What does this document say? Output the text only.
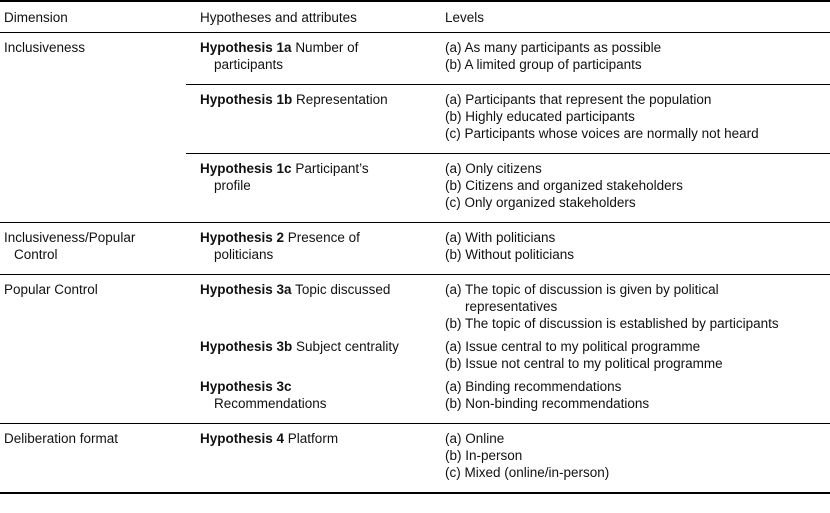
Dimension	Hypotheses and attributes	Levels

Inclusiveness	Hypothesis 1a Number of participants	(a) As many participants as possible
(b) A limited group of participants

	Hypothesis 1b Representation	(a) Participants that represent the population
(b) Highly educated participants
(c) Participants whose voices are normally not heard

	Hypothesis 1c Participant’s profile	(a) Only citizens
(b) Citizens and organized stakeholders
(c) Only organized stakeholders

Inclusiveness/Popular Control	Hypothesis 2 Presence of politicians	(a) With politicians
(b) Without politicians

Popular Control	Hypothesis 3a Topic discussed	(a) The topic of discussion is given by political representatives
(b) The topic of discussion is established by participants

	Hypothesis 3b Subject centrality	(a) Issue central to my political programme
(b) Issue not central to my political programme

	Hypothesis 3c Recommendations	(a) Binding recommendations
(b) Non-binding recommendations

Deliberation format	Hypothesis 4 Platform	(a) Online
(b) In-person
(c) Mixed (online/in-person)
